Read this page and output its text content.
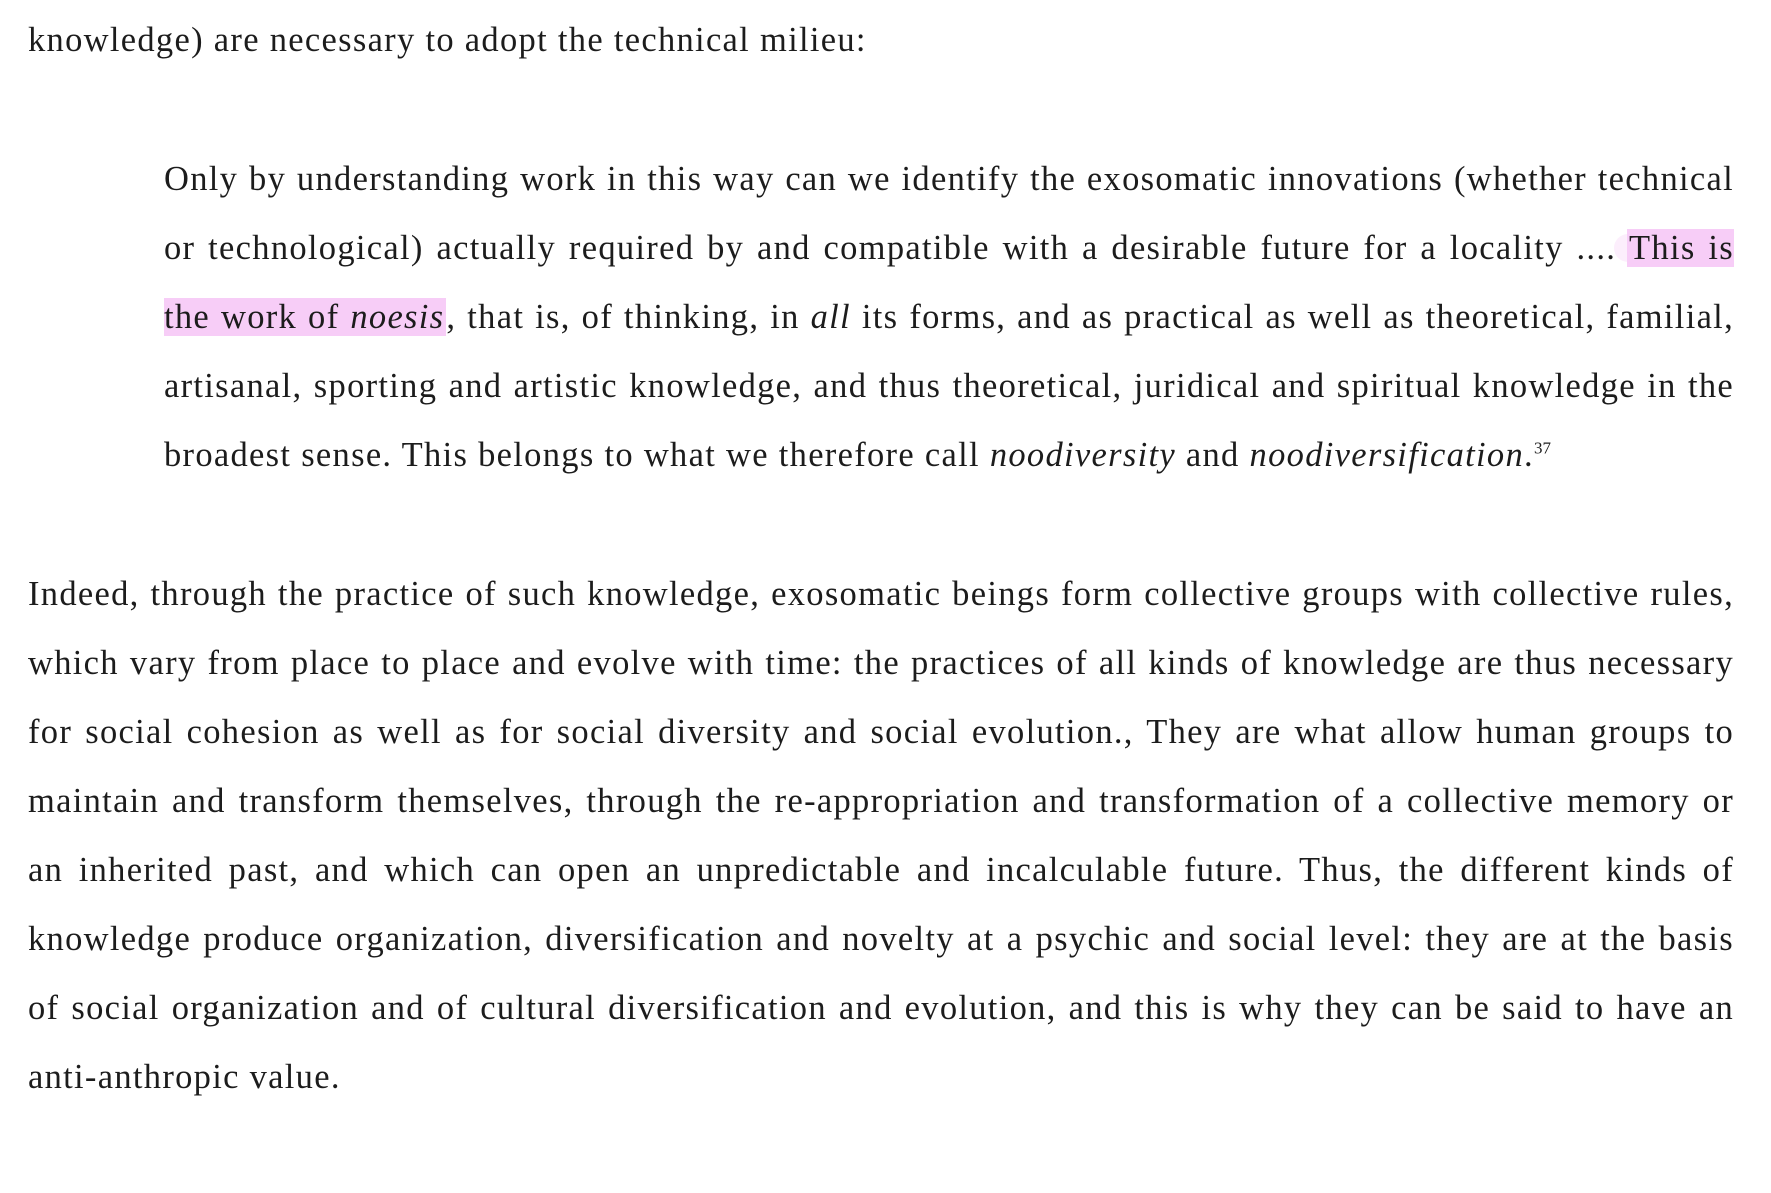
knowledge) are necessary to adopt the technical milieu:

Only by understanding work in this way can we identify the exosomatic innovations (whether technical or technological) actually required by and compatible with a desirable future for a locality .... This is the work of noesis, that is, of thinking, in all its forms, and as practical as well as theoretical, familial, artisanal, sporting and artistic knowledge, and thus theoretical, juridical and spiritual knowledge in the broadest sense. This belongs to what we therefore call noodiversity and noodiversification.$^{37}$

Indeed, through the practice of such knowledge, exosomatic beings form collective groups with collective rules, which vary from place to place and evolve with time: the practices of all kinds of knowledge are thus necessary for social cohesion as well as for social diversity and social evolution., They are what allow human groups to maintain and transform themselves, through the re-appropriation and transformation of a collective memory or an inherited past, and which can open an unpredictable and incalculable future. Thus, the different kinds of knowledge produce organization, diversification and novelty at a psychic and social level: they are at the basis of social organization and of cultural diversification and evolution, and this is why they can be said to have an anti-anthropic value.
